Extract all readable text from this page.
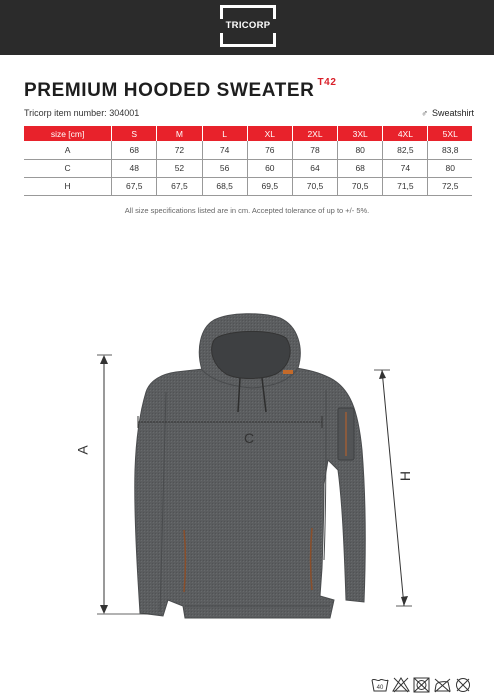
TRICORP
PREMIUM HOODED SWEATER $^{T42}$
Tricorp item number: 304001	♂ Sweatshirt
size [cm]	S	M	L	XL	2XL	3XL	4XL	5XL
A	68	72	74	76	78	80	82,5	83,8
C	48	52	56	60	64	68	74	80
H	67,5	67,5	68,5	69,5	70,5	70,5	71,5	72,5
All size specifications listed are in cm. Accepted tolerance of up to +/- 5%.
A
C
H
40
